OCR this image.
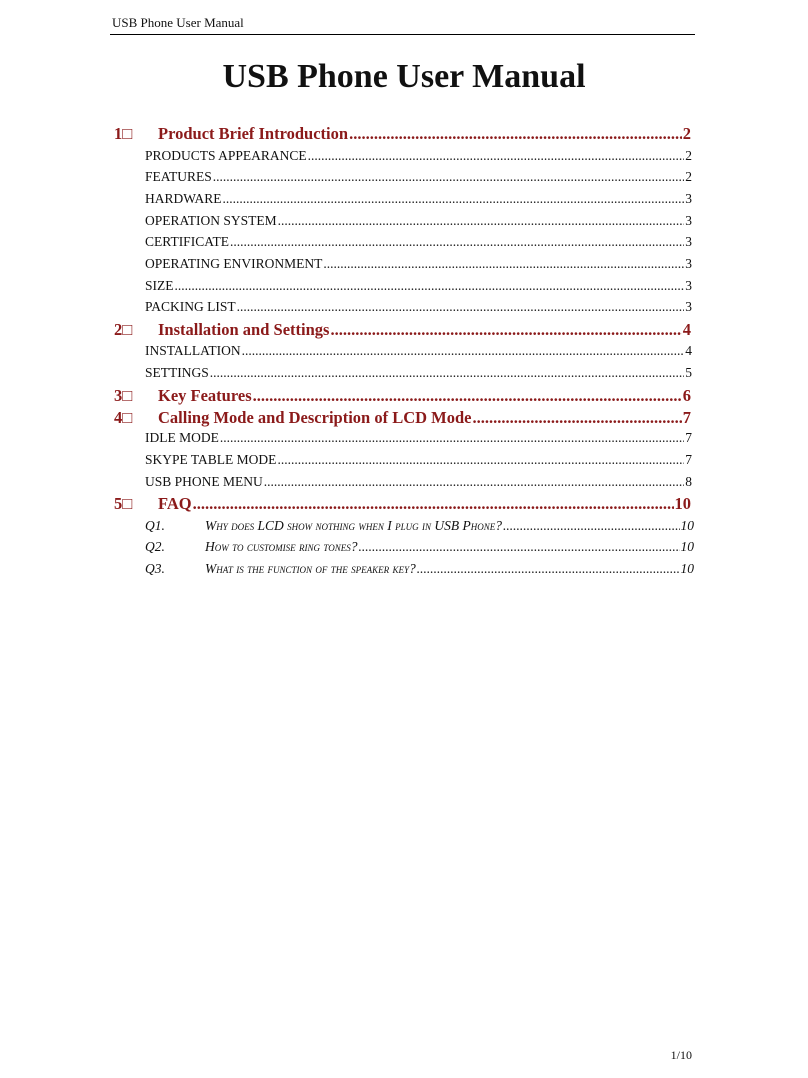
USB Phone User Manual
USB Phone User Manual
1□ Product Brief Introduction .....	2
PRODUCTS APPEARANCE .....	2
FEATURES .....	2
HARDWARE .....	3
OPERATION SYSTEM .....	3
CERTIFICATE .....	3
OPERATING ENVIRONMENT .....	3
SIZE .....	3
PACKING LIST .....	3
2□ Installation and Settings .....	4
INSTALLATION .....	4
SETTINGS .....	5
3□ Key Features .....	6
4□ Calling Mode and Description of LCD Mode .....	7
IDLE MODE .....	7
SKYPE TABLE MODE .....	7
USB PHONE MENU .....	8
5□ FAQ .....	10
Q1.	Why does LCD show nothing when I plug in USB Phone? .....	10
Q2.	How to customise ring tones? .....	10
Q3.	What is the function of the speaker key? .....	10
1/10
